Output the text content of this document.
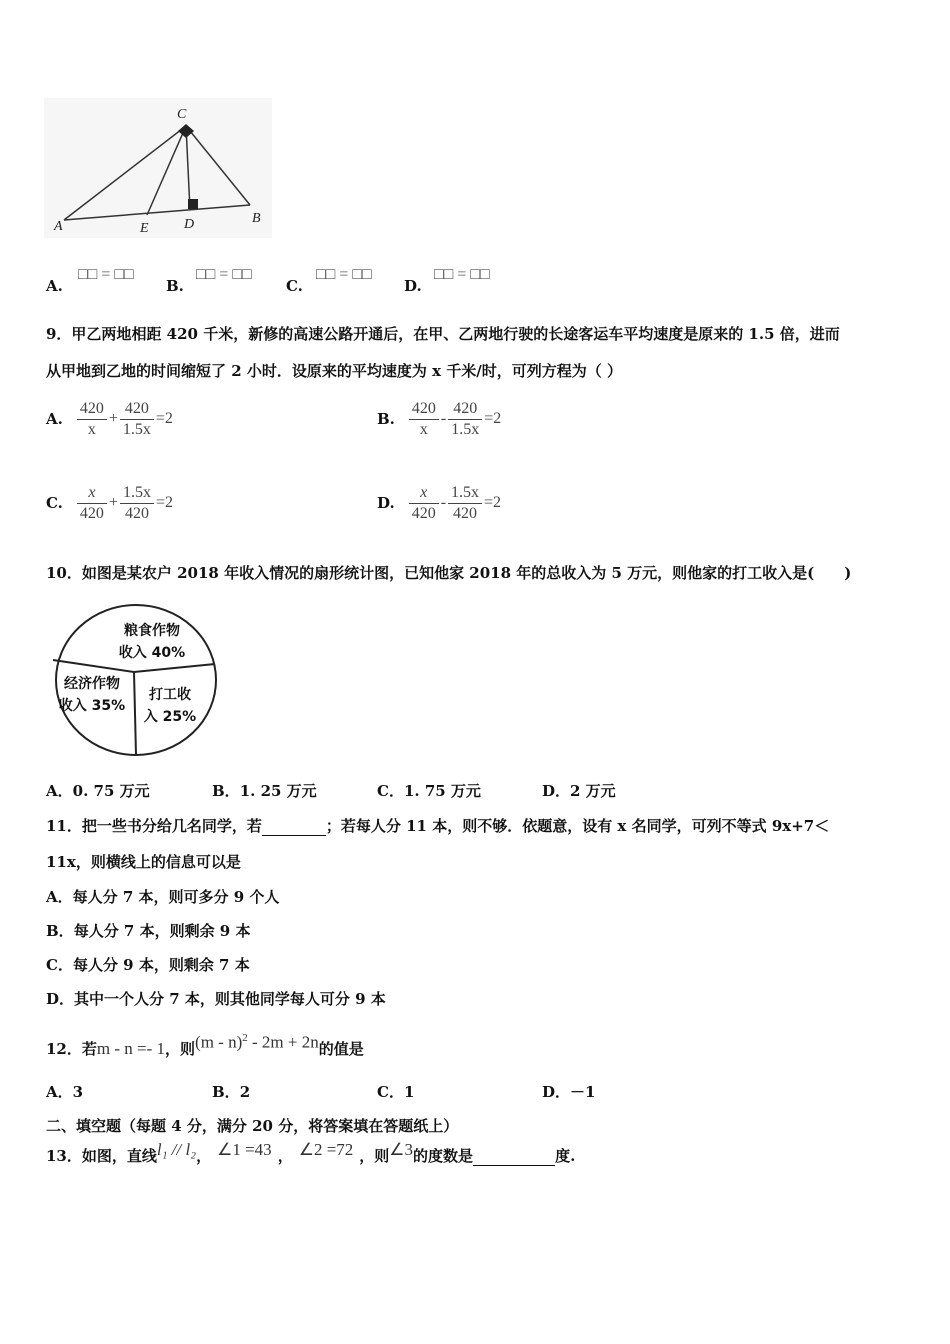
C
A	E	D	B
A.
□□ = □□
B.
□□ = □□
C.
□□ = □□
D.
□□ = □□
9．甲乙两地相距 420 千米，新修的高速公路开通后，在甲、乙两地行驶的长途客运车平均速度是原来的 1.5 倍，进而
从甲地到乙地的时间缩短了 2 小时．设原来的平均速度为 x 千米/时，可列方程为（ ）
A. $\frac{420}{x} + \frac{420}{1.5x} =2$	B. $\frac{420}{x} - \frac{420}{1.5x} =2$
C. $\frac{x}{420} + \frac{1.5x}{420} =2$	D. $\frac{x}{420} - \frac{1.5x}{420} =2$
10．如图是某农户 2018 年收入情况的扇形统计图，已知他家 2018 年的总收入为 5 万元，则他家的打工收入是(　　)
粮食作物
收入 40%
经济作物
收入 35%
打工收
入 25%
A．0. 75 万元	B．1. 25 万元	C．1. 75 万元	D．2 万元
11．把一些书分给几名同学，若	；若每人分 11 本，则不够．依题意，设有 x 名同学，可列不等式 9x+7＜
11x，则横线上的信息可以是
A．每人分 7 本，则可多分 9 个人
B．每人分 7 本，则剩余 9 本
C．每人分 9 本，则剩余 7 本
D．其中一个人分 7 本，则其他同学每人可分 9 本
12．若 m - n =- 1 ，则 (m - n)$^2$ - 2m + 2n 的值是
A．3	B．2	C．1	D．－1
二、填空题（每题 4 分，满分 20 分，将答案填在答题纸上）
13．如图，直线 l₁ // l₂ ， ∠1 =43 ， ∠2 =72 ，则 ∠3 的度数是	度.
